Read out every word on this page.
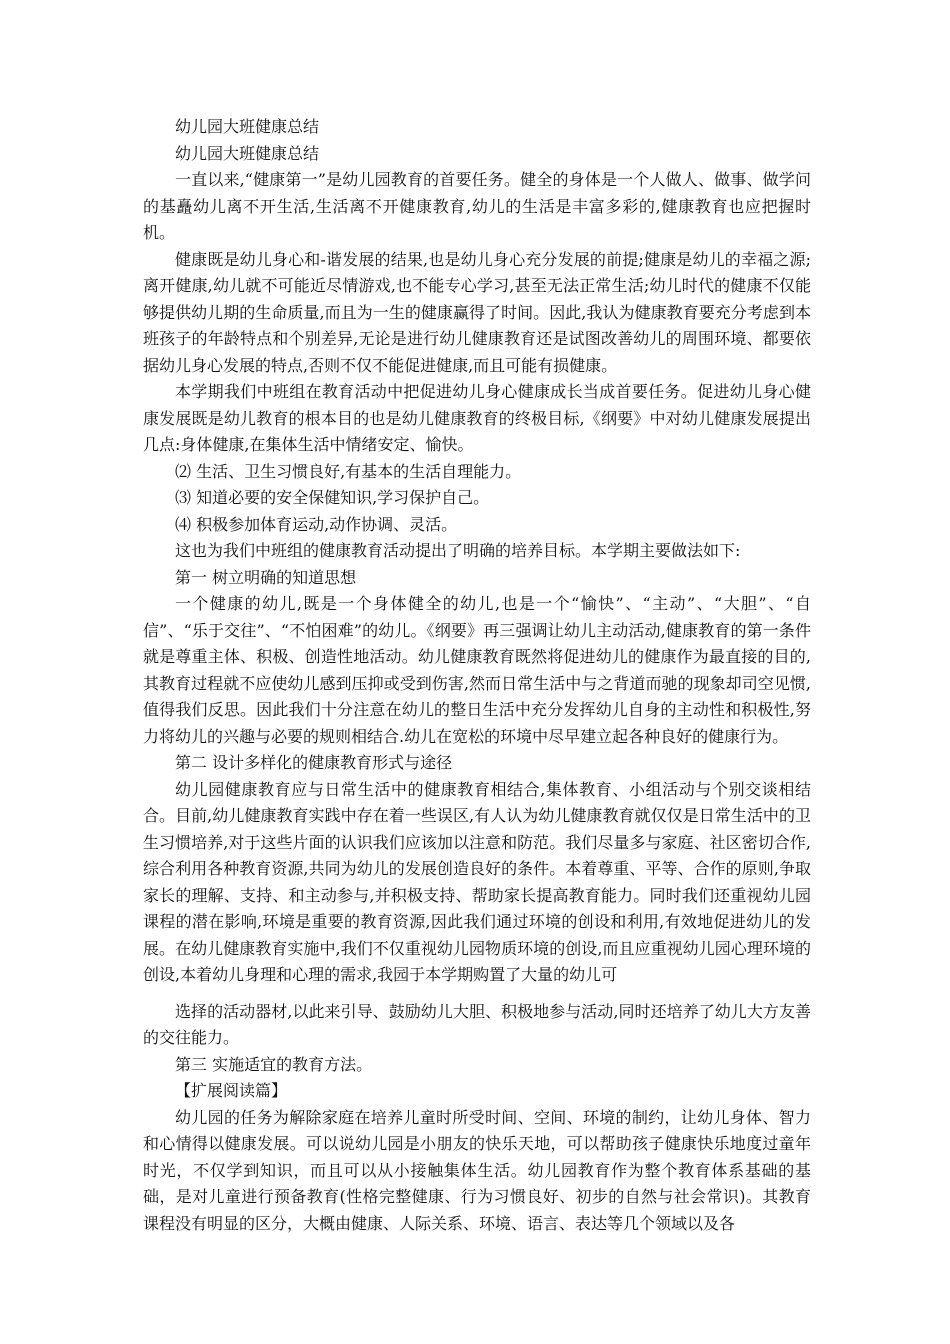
幼儿园大班健康总结

幼儿园大班健康总结

一直以来,“健康第一”是幼儿园教育的首要任务。健全的身体是一个人做人、做事、做学问的基矗幼儿离不开生活,生活离不开健康教育,幼儿的生活是丰富多彩的,健康教育也应把握时机。

健康既是幼儿身心和-谐发展的结果,也是幼儿身心充分发展的前提;健康是幼儿的幸福之源;离开健康,幼儿就不可能近尽情游戏,也不能专心学习,甚至无法正常生活;幼儿时代的健康不仅能够提供幼儿期的生命质量,而且为一生的健康赢得了时间。因此,我认为健康教育要充分考虑到本班孩子的年龄特点和个别差异,无论是进行幼儿健康教育还是试图改善幼儿的周围环境、都要依据幼儿身心发展的特点,否则不仅不能促进健康,而且可能有损健康。

本学期我们中班组在教育活动中把促进幼儿身心健康成长当成首要任务。促进幼儿身心健康发展既是幼儿教育的根本目的也是幼儿健康教育的终极目标,《纲要》中对幼儿健康发展提出几点:身体健康,在集体生活中情绪安定、愉快。

⑵ 生活、卫生习惯良好,有基本的生活自理能力。

⑶ 知道必要的安全保健知识,学习保护自己。

⑷ 积极参加体育运动,动作协调、灵活。

这也为我们中班组的健康教育活动提出了明确的培养目标。本学期主要做法如下:

第一 树立明确的知道思想

一个健康的幼儿,既是一个身体健全的幼儿,也是一个“愉快”、“主动”、“大胆”、“自信”、“乐于交往”、“不怕困难”的幼儿。《纲要》再三强调让幼儿主动活动,健康教育的第一条件就是尊重主体、积极、创造性地活动。幼儿健康教育既然将促进幼儿的健康作为最直接的目的,其教育过程就不应使幼儿感到压抑或受到伤害,然而日常生活中与之背道而驰的现象却司空见惯,值得我们反思。因此我们十分注意在幼儿的整日生活中充分发挥幼儿自身的主动性和积极性,努力将幼儿的兴趣与必要的规则相结合.幼儿在宽松的环境中尽早建立起各种良好的健康行为。

第二 设计多样化的健康教育形式与途径

幼儿园健康教育应与日常生活中的健康教育相结合,集体教育、小组活动与个别交谈相结合。目前,幼儿健康教育实践中存在着一些误区,有人认为幼儿健康教育就仅仅是日常生活中的卫生习惯培养,对于这些片面的认识我们应该加以注意和防范。我们尽量多与家庭、社区密切合作,综合利用各种教育资源,共同为幼儿的发展创造良好的条件。本着尊重、平等、合作的原则,争取家长的理解、支持、和主动参与,并积极支持、帮助家长提高教育能力。同时我们还重视幼儿园课程的潜在影响,环境是重要的教育资源,因此我们通过环境的创设和利用,有效地促进幼儿的发展。在幼儿健康教育实施中,我们不仅重视幼儿园物质环境的创设,而且应重视幼儿园心理环境的创设,本着幼儿身理和心理的需求,我园于本学期购置了大量的幼儿可

选择的活动器材,以此来引导、鼓励幼儿大胆、积极地参与活动,同时还培养了幼儿大方友善的交往能力。

第三 实施适宜的教育方法。

【扩展阅读篇】

幼儿园的任务为解除家庭在培养儿童时所受时间、空间、环境的制约，让幼儿身体、智力和心情得以健康发展。可以说幼儿园是小朋友的快乐天地，可以帮助孩子健康快乐地度过童年时光，不仅学到知识，而且可以从小接触集体生活。幼儿园教育作为整个教育体系基础的基础，是对儿童进行预备教育(性格完整健康、行为习惯良好、初步的自然与社会常识)。其教育课程没有明显的区分，大概由健康、人际关系、环境、语言、表达等几个领域以及各
